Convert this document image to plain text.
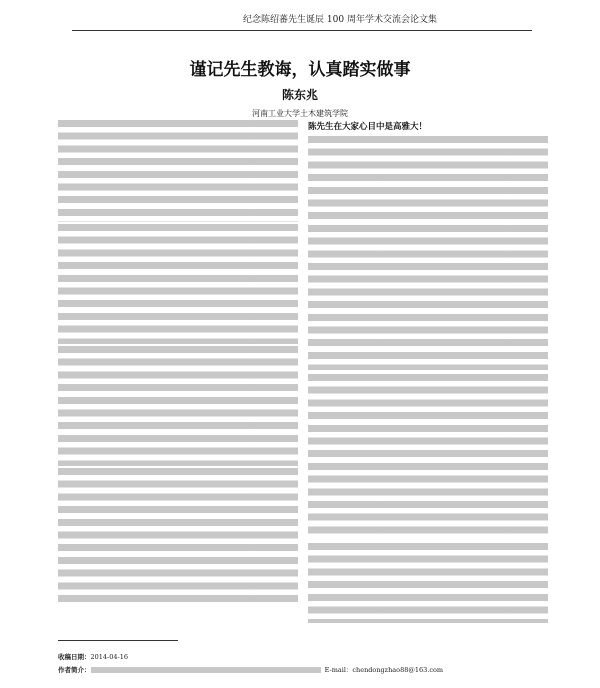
纪念陈绍蕃先生诞辰 100 周年学术交流会论文集
谨记先生教诲，认真踏实做事
陈东兆
河南工业大学土木建筑学院
陈先生在大家心目中是高雅大！
收稿日期：2014-04-16
作者简介：	E-mail：chendongzhao88@163.com
